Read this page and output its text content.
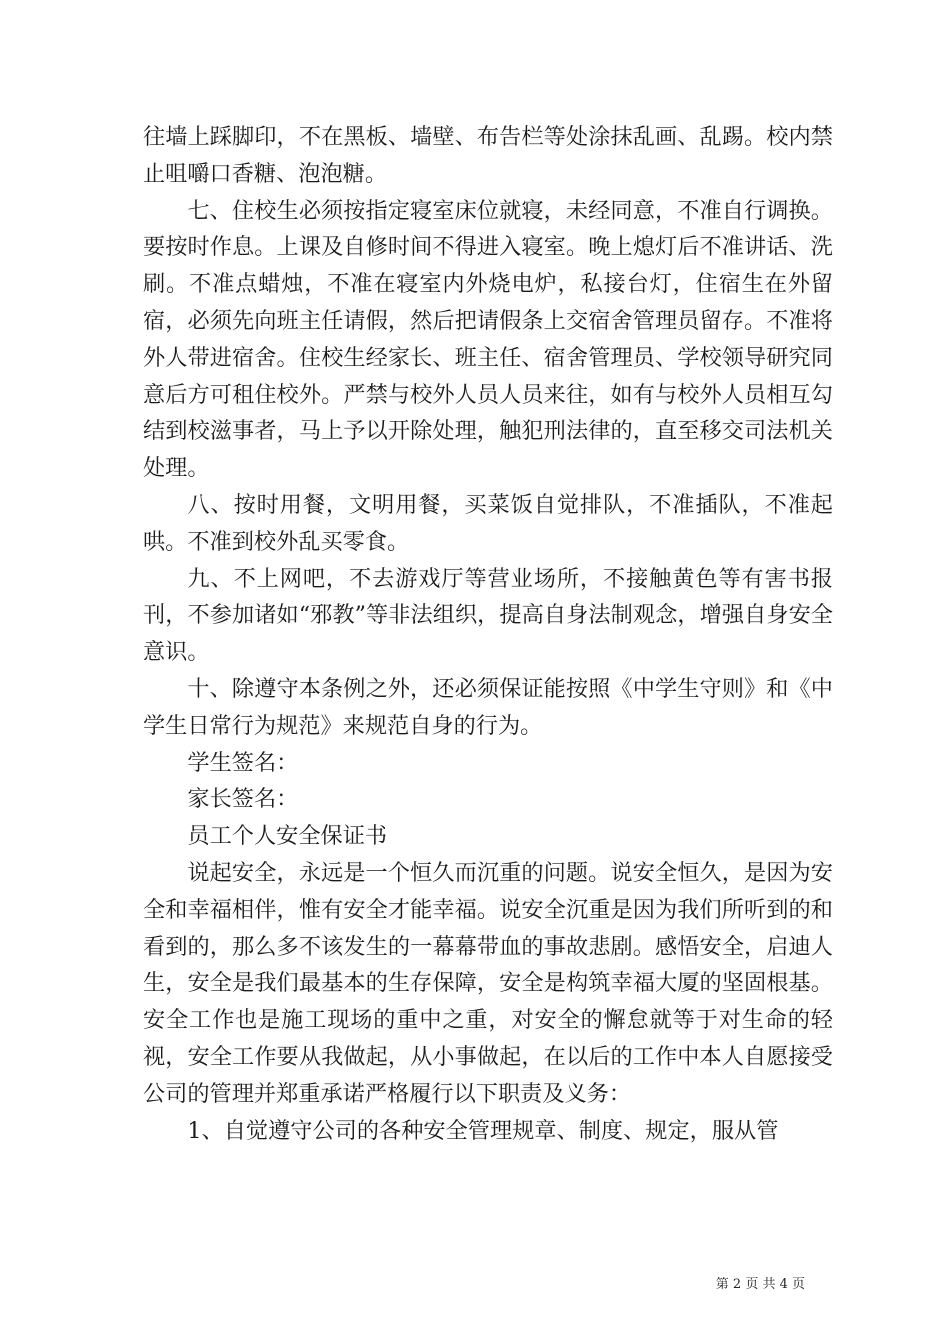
往墙上踩脚印，不在黑板、墙壁、布告栏等处涂抹乱画、乱踢。校内禁止咀嚼口香糖、泡泡糖。

七、住校生必须按指定寝室床位就寝，未经同意，不准自行调换。要按时作息。上课及自修时间不得进入寝室。晚上熄灯后不准讲话、洗刷。不准点蜡烛，不准在寝室内外烧电炉，私接台灯，住宿生在外留宿，必须先向班主任请假，然后把请假条上交宿舍管理员留存。不准将外人带进宿舍。住校生经家长、班主任、宿舍管理员、学校领导研究同意后方可租住校外。严禁与校外人员人员来往，如有与校外人员相互勾结到校滋事者，马上予以开除处理，触犯刑法律的，直至移交司法机关处理。

八、按时用餐，文明用餐，买菜饭自觉排队，不准插队，不准起哄。不准到校外乱买零食。

九、不上网吧，不去游戏厅等营业场所，不接触黄色等有害书报刊，不参加诸如“邪教”等非法组织，提高自身法制观念，增强自身安全意识。

十、除遵守本条例之外，还必须保证能按照《中学生守则》和《中学生日常行为规范》来规范自身的行为。

学生签名：

家长签名：

员工个人安全保证书

说起安全，永远是一个恒久而沉重的问题。说安全恒久，是因为安全和幸福相伴，惟有安全才能幸福。说安全沉重是因为我们所听到的和看到的，那么多不该发生的一幕幕带血的事故悲剧。感悟安全，启迪人生，安全是我们最基本的生存保障，安全是构筑幸福大厦的坚固根基。安全工作也是施工现场的重中之重，对安全的懈怠就等于对生命的轻视，安全工作要从我做起，从小事做起，在以后的工作中本人自愿接受公司的管理并郑重承诺严格履行以下职责及义务：

1、自觉遵守公司的各种安全管理规章、制度、规定，服从管

第 2 页 共 4 页
